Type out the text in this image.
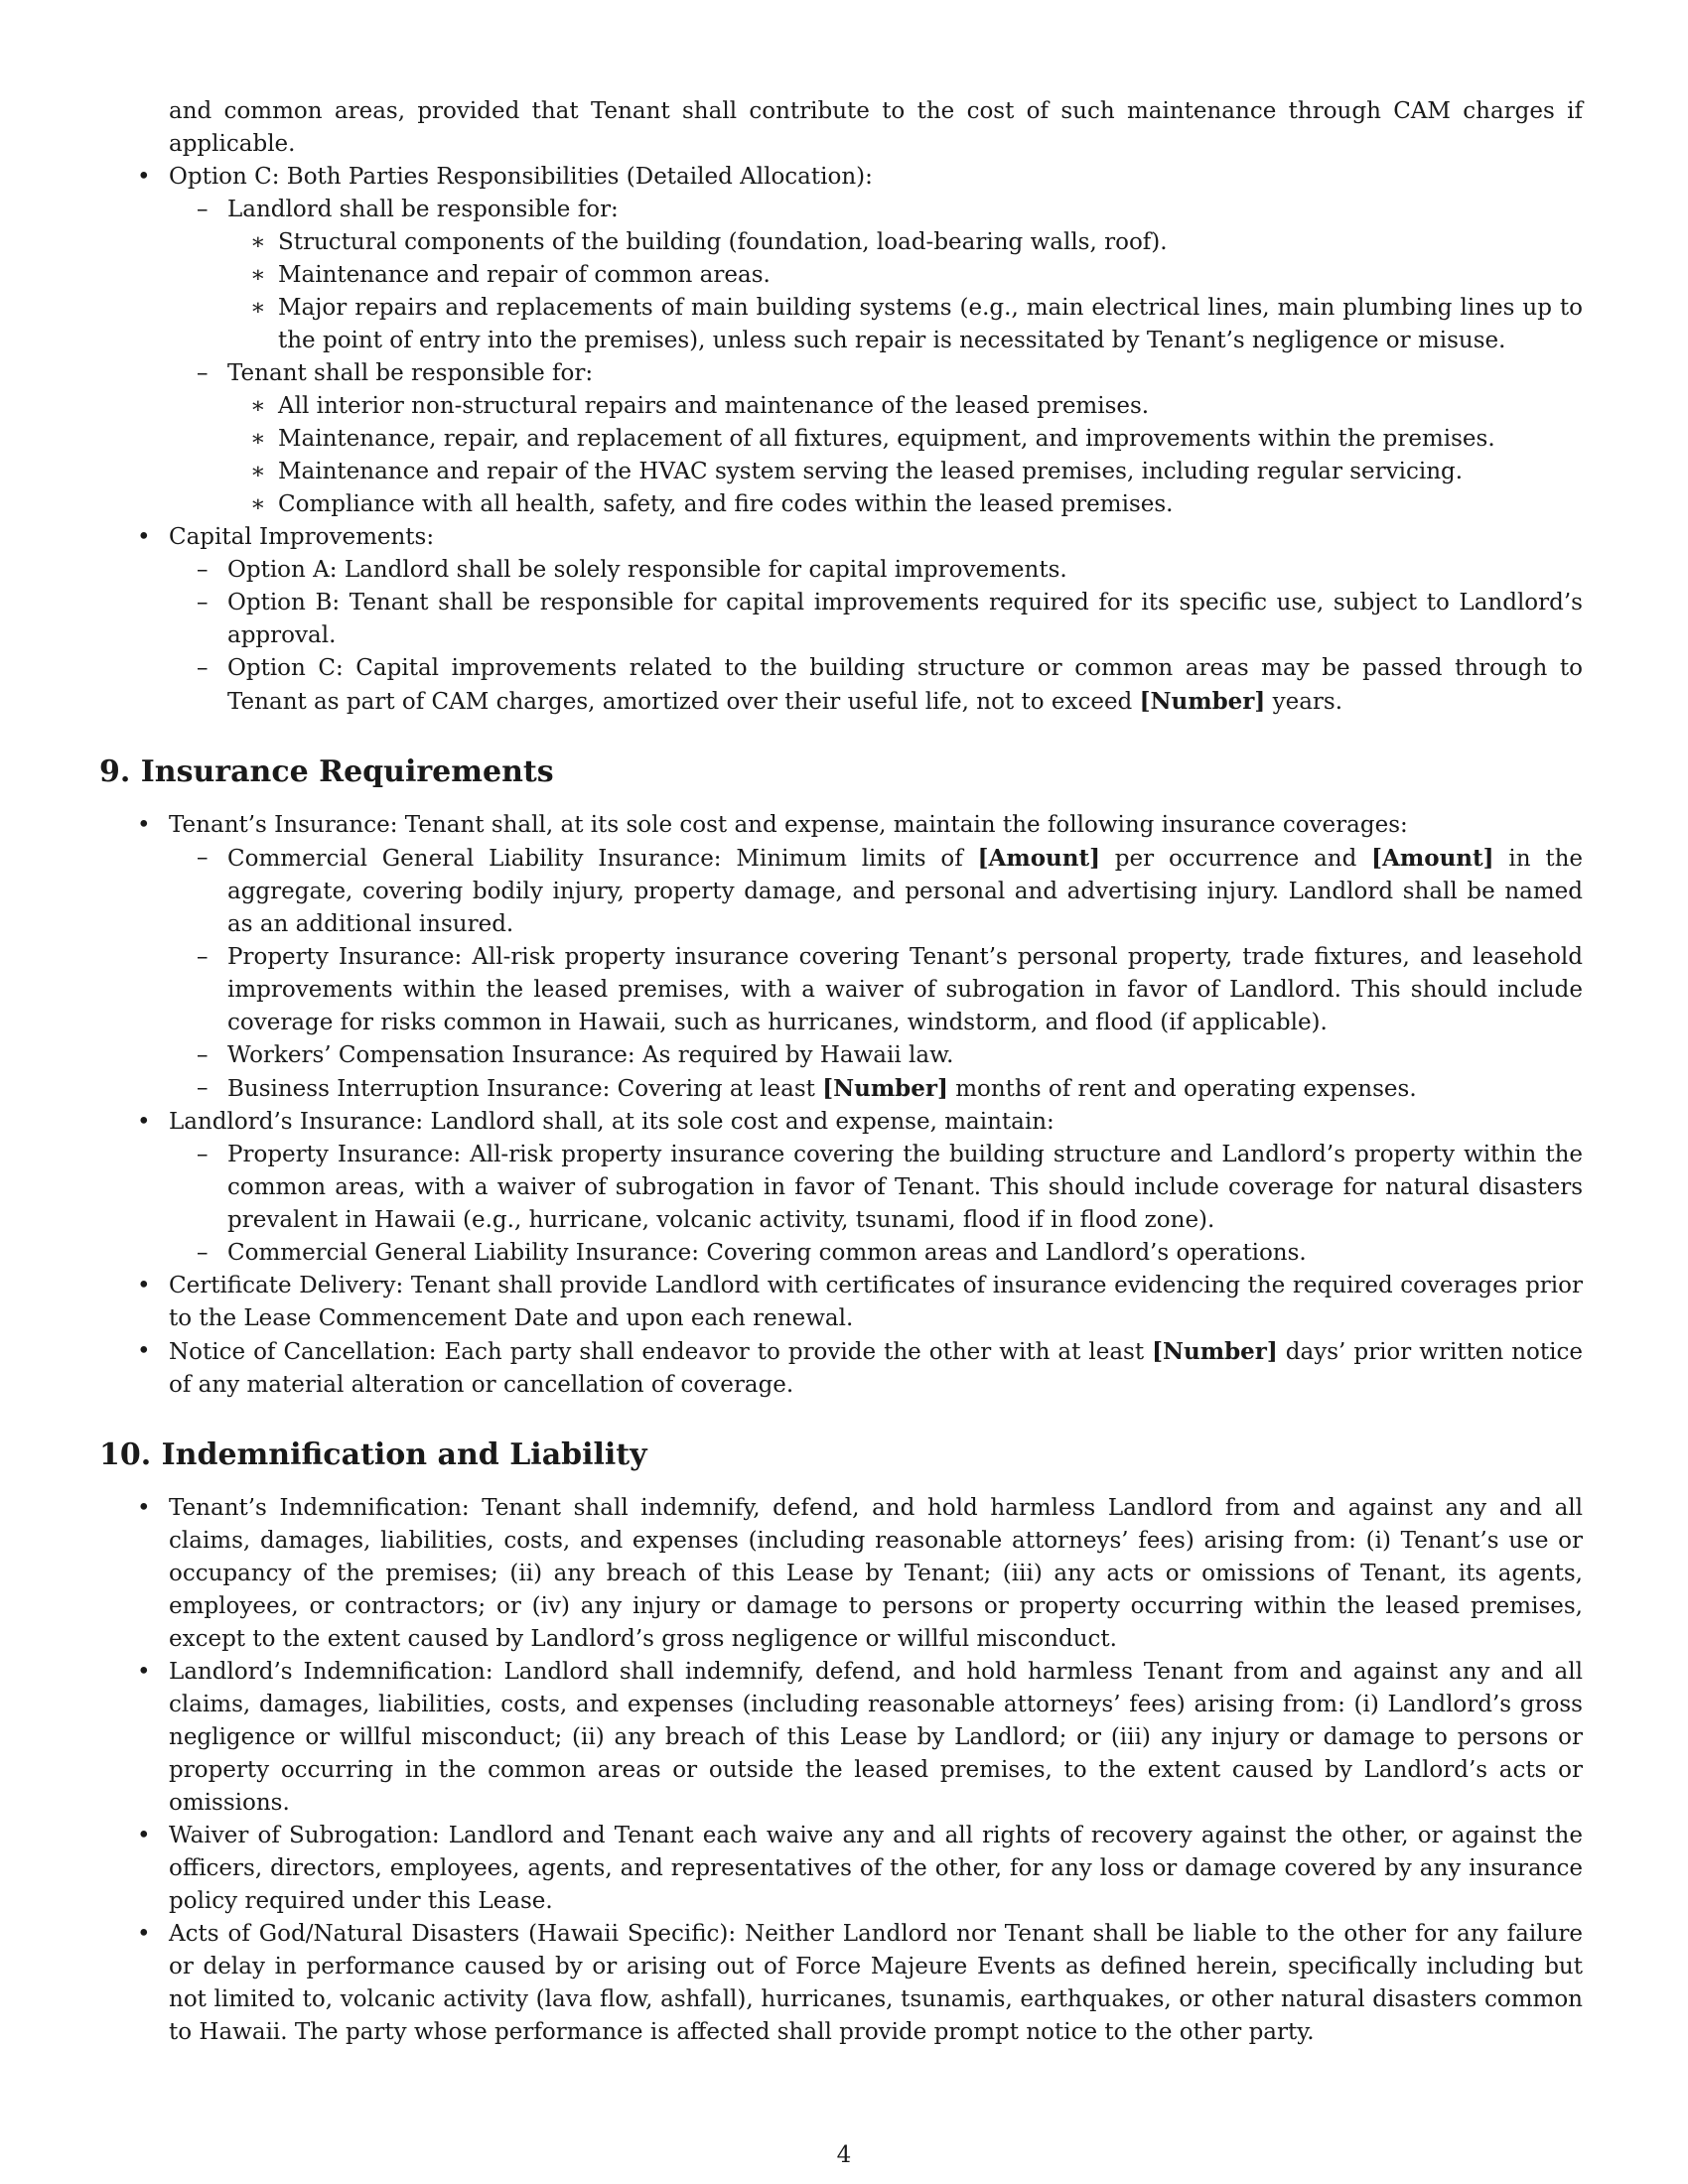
and common areas, provided that Tenant shall contribute to the cost of such maintenance through CAM charges if applicable.

• Option C: Both Parties Responsibilities (Detailed Allocation):
– Landlord shall be responsible for:
∗ Structural components of the building (foundation, load-bearing walls, roof).
∗ Maintenance and repair of common areas.
∗ Major repairs and replacements of main building systems (e.g., main electrical lines, main plumbing lines up to the point of entry into the premises), unless such repair is necessitated by Tenant’s negligence or misuse.
– Tenant shall be responsible for:
∗ All interior non-structural repairs and maintenance of the leased premises.
∗ Maintenance, repair, and replacement of all fixtures, equipment, and improvements within the premises.
∗ Maintenance and repair of the HVAC system serving the leased premises, including regular servicing.
∗ Compliance with all health, safety, and fire codes within the leased premises.
• Capital Improvements:
– Option A: Landlord shall be solely responsible for capital improvements.
– Option B: Tenant shall be responsible for capital improvements required for its specific use, subject to Landlord’s approval.
– Option C: Capital improvements related to the building structure or common areas may be passed through to Tenant as part of CAM charges, amortized over their useful life, not to exceed [Number] years.
9. Insurance Requirements
• Tenant’s Insurance: Tenant shall, at its sole cost and expense, maintain the following insurance coverages:
– Commercial General Liability Insurance: Minimum limits of [Amount] per occurrence and [Amount] in the aggregate, covering bodily injury, property damage, and personal and advertising injury. Landlord shall be named as an additional insured.
– Property Insurance: All-risk property insurance covering Tenant’s personal property, trade fixtures, and leasehold improvements within the leased premises, with a waiver of subrogation in favor of Landlord. This should include coverage for risks common in Hawaii, such as hurricanes, windstorm, and flood (if applicable).
– Workers’ Compensation Insurance: As required by Hawaii law.
– Business Interruption Insurance: Covering at least [Number] months of rent and operating expenses.
• Landlord’s Insurance: Landlord shall, at its sole cost and expense, maintain:
– Property Insurance: All-risk property insurance covering the building structure and Landlord’s property within the common areas, with a waiver of subrogation in favor of Tenant. This should include coverage for natural disasters prevalent in Hawaii (e.g., hurricane, volcanic activity, tsunami, flood if in flood zone).
– Commercial General Liability Insurance: Covering common areas and Landlord’s operations.
• Certificate Delivery: Tenant shall provide Landlord with certificates of insurance evidencing the required coverages prior to the Lease Commencement Date and upon each renewal.
• Notice of Cancellation: Each party shall endeavor to provide the other with at least [Number] days’ prior written notice of any material alteration or cancellation of coverage.
10. Indemnification and Liability
• Tenant’s Indemnification: Tenant shall indemnify, defend, and hold harmless Landlord from and against any and all claims, damages, liabilities, costs, and expenses (including reasonable attorneys’ fees) arising from: (i) Tenant’s use or occupancy of the premises; (ii) any breach of this Lease by Tenant; (iii) any acts or omissions of Tenant, its agents, employees, or contractors; or (iv) any injury or damage to persons or property occurring within the leased premises, except to the extent caused by Landlord’s gross negligence or willful misconduct.
• Landlord’s Indemnification: Landlord shall indemnify, defend, and hold harmless Tenant from and against any and all claims, damages, liabilities, costs, and expenses (including reasonable attorneys’ fees) arising from: (i) Landlord’s gross negligence or willful misconduct; (ii) any breach of this Lease by Landlord; or (iii) any injury or damage to persons or property occurring in the common areas or outside the leased premises, to the extent caused by Landlord’s acts or omissions.
• Waiver of Subrogation: Landlord and Tenant each waive any and all rights of recovery against the other, or against the officers, directors, employees, agents, and representatives of the other, for any loss or damage covered by any insurance policy required under this Lease.
• Acts of God/Natural Disasters (Hawaii Specific): Neither Landlord nor Tenant shall be liable to the other for any failure or delay in performance caused by or arising out of Force Majeure Events as defined herein, specifically including but not limited to, volcanic activity (lava flow, ashfall), hurricanes, tsunamis, earthquakes, or other natural disasters common to Hawaii. The party whose performance is affected shall provide prompt notice to the other party.
4
